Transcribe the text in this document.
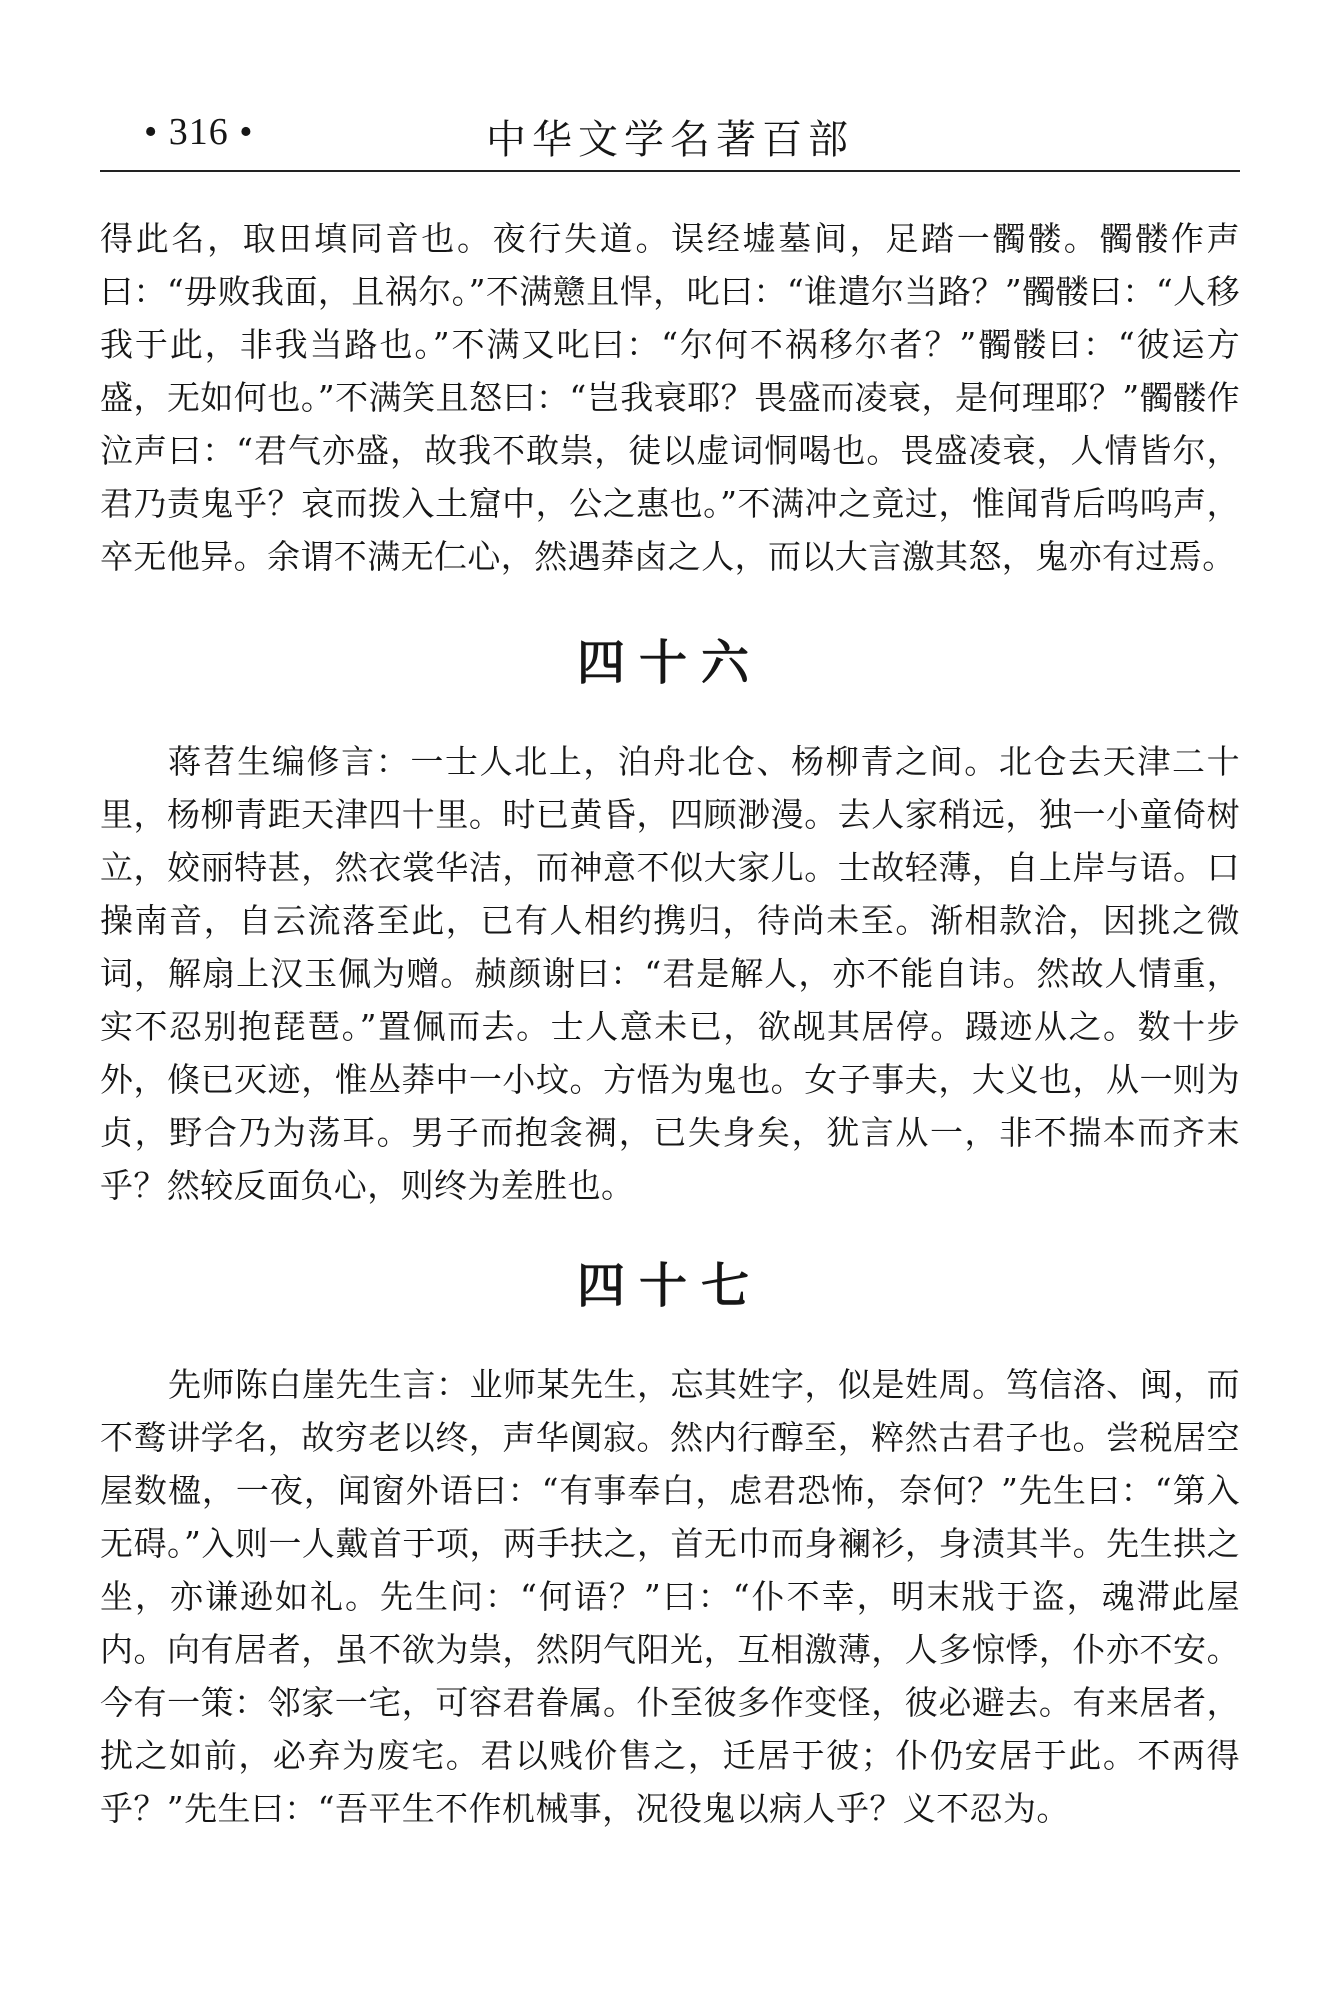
• 316 •	中华文学名著百部

得此名，取田填同音也。夜行失道。误经墟墓间，足踏一髑髅。髑髅作声曰：“毋败我面，且祸尔。”不满戆且悍，叱曰：“谁遣尔当路？”髑髅曰：“人移我于此，非我当路也。”不满又叱曰：“尔何不祸移尔者？”髑髅曰：“彼运方盛，无如何也。”不满笑且怒曰：“岂我衰耶？畏盛而凌衰，是何理耶？”髑髅作泣声曰：“君气亦盛，故我不敢祟，徒以虚词恫喝也。畏盛凌衰，人情皆尔，君乃责鬼乎？哀而拨入土窟中，公之惠也。”不满冲之竟过，惟闻背后呜呜声，卒无他异。余谓不满无仁心，然遇莽卤之人，而以大言激其怒，鬼亦有过焉。

四十六

蒋苕生编修言：一士人北上，泊舟北仓、杨柳青之间。北仓去天津二十里，杨柳青距天津四十里。时已黄昏，四顾渺漫。去人家稍远，独一小童倚树立，姣丽特甚，然衣裳华洁，而神意不似大家儿。士故轻薄，自上岸与语。口操南音，自云流落至此，已有人相约携归，待尚未至。渐相款洽，因挑之微词，解扇上汉玉佩为赠。赪颜谢曰：“君是解人，亦不能自讳。然故人情重，实不忍别抱琵琶。”置佩而去。士人意未已，欲觇其居停。蹑迹从之。数十步外，倏已灭迹，惟丛莽中一小坟。方悟为鬼也。女子事夫，大义也，从一则为贞，野合乃为荡耳。男子而抱衾裯，已失身矣，犹言从一，非不揣本而齐末乎？然较反面负心，则终为差胜也。

四十七

先师陈白崖先生言：业师某先生，忘其姓字，似是姓周。笃信洛、闽，而不鹜讲学名，故穷老以终，声华阒寂。然内行醇至，粹然古君子也。尝税居空屋数楹，一夜，闻窗外语曰：“有事奉白，虑君恐怖，奈何？”先生曰：“第入无碍。”入则一人戴首于项，两手扶之，首无巾而身襕衫，身渍其半。先生拱之坐，亦谦逊如礼。先生问：“何语？”曰：“仆不幸，明末戕于盗，魂滞此屋内。向有居者，虽不欲为祟，然阴气阳光，互相激薄，人多惊悸，仆亦不安。今有一策：邻家一宅，可容君眷属。仆至彼多作变怪，彼必避去。有来居者，扰之如前，必弃为废宅。君以贱价售之，迁居于彼；仆仍安居于此。不两得乎？”先生曰：“吾平生不作机械事，况役鬼以病人乎？义不忍为。
